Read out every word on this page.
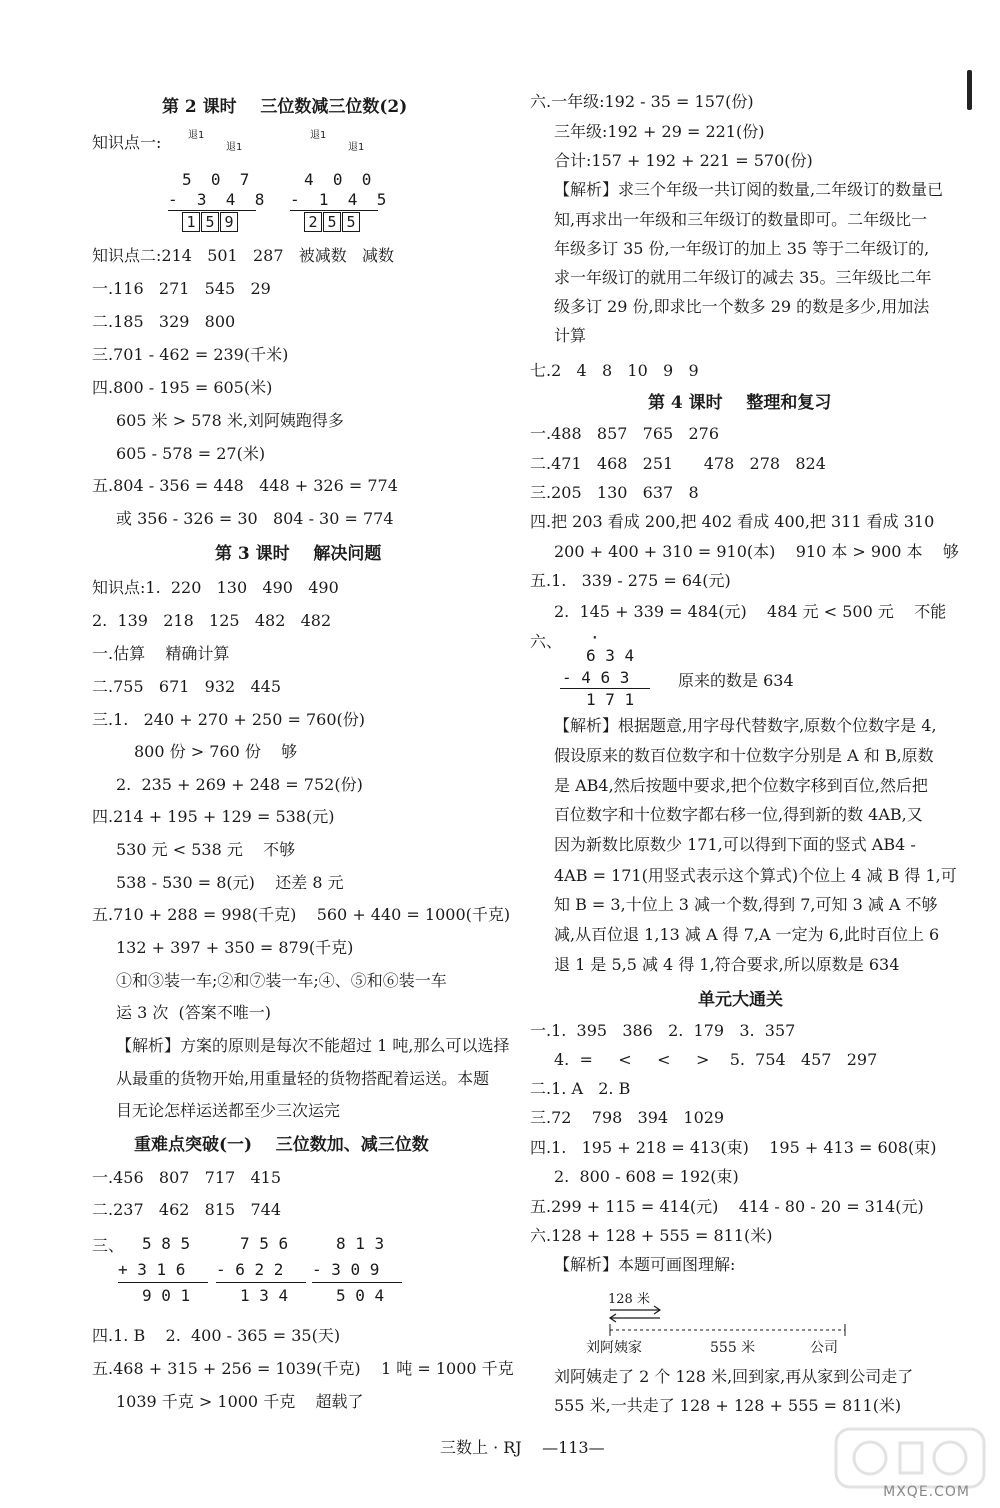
第 2 课时    三位数减三位数(2)
知识点一:	退1
退1
5  0  7
-  3  4  8
1 5 9
退1
退1
4  0  0
-  1  4  5
2 5 5
知识点二:214   501   287   被减数   减数
一.116   271   545   29
二.185   329   800
三.701 - 462 = 239(千米)
四.800 - 195 = 605(米)
605 米 > 578 米,刘阿姨跑得多
605 - 578 = 27(米)
五.804 - 356 = 448   448 + 326 = 774
或 356 - 326 = 30   804 - 30 = 774
第 3 课时    解决问题
知识点:1.  220   130   490   490
2.  139   218   125   482   482
一.估算    精确计算
二.755   671   932   445
三.1.   240 + 270 + 250 = 760(份)
800 份 > 760 份    够
2.  235 + 269 + 248 = 752(份)
四.214 + 195 + 129 = 538(元)
530 元 < 538 元    不够
538 - 530 = 8(元)    还差 8 元
五.710 + 288 = 998(千克)    560 + 440 = 1000(千克)
132 + 397 + 350 = 879(千克)
①和③装一车;②和⑦装一车;④、⑤和⑥装一车
运 3 次  (答案不唯一)
【解析】方案的原则是每次不能超过 1 吨,那么可以选择
从最重的货物开始,用重量轻的货物搭配着运送。本题
目无论怎样运送都至少三次运完
重难点突破(一)    三位数加、减三位数
一.456   807   717   415
二.237   462   815   744
三、 5 8 5
+ 3 1 6
9 0 1
7 5 6
- 6 2 2
1 3 4
8 1 3
- 3 0 9
5 0 4
四.1. B    2.  400 - 365 = 35(天)
五.468 + 315 + 256 = 1039(千克)    1 吨 = 1000 千克
1039 千克 > 1000 千克    超载了
六.一年级:192 - 35 = 157(份)
三年级:192 + 29 = 221(份)
合计:157 + 192 + 221 = 570(份)
【解析】求三个年级一共订阅的数量,二年级订的数量已
知,再求出一年级和三年级订的数量即可。二年级比一
年级多订 35 份,一年级订的加上 35 等于二年级订的,
求一年级订的就用二年级订的减去 35。三年级比二年
级多订 29 份,即求比一个数多 29 的数是多少,用加法
计算
七.2   4   8   10   9   9
第 4 课时    整理和复习
一.488   857   765   276
二.471   468   251      478   278   824
三.205   130   637   8
四.把 203 看成 200,把 402 看成 400,把 311 看成 310
200 + 400 + 310 = 910(本)    910 本 > 900 本    够
五.1.   339 - 275 = 64(元)
2.  145 + 339 = 484(元)    484 元 < 500 元    不能
六、 ·
6 3 4
- 4 6 3
1 7 1
原来的数是 634
【解析】根据题意,用字母代替数字,原数个位数字是 4,
假设原来的数百位数字和十位数字分别是 A 和 B,原数
是 AB4,然后按题中要求,把个位数字移到百位,然后把
百位数字和十位数字都右移一位,得到新的数 4AB,又
因为新数比原数少 171,可以得到下面的竖式 AB4 -
4AB = 171(用竖式表示这个算式)个位上 4 减 B 得 1,可
知 B = 3,十位上 3 减一个数,得到 7,可知 3 减 A 不够
减,从百位退 1,13 减 A 得 7,A 一定为 6,此时百位上 6
退 1 是 5,5 减 4 得 1,符合要求,所以原数是 634
单元大通关
一.1.  395   386   2.  179   3.  357
4.  =     <     <     >    5.  754   457   297
二.1. A   2. B
三.72    798   394   1029
四.1.   195 + 218 = 413(束)    195 + 413 = 608(束)
2.  800 - 608 = 192(束)
五.299 + 115 = 414(元)    414 - 80 - 20 = 314(元)
六.128 + 128 + 555 = 811(米)
【解析】本题可画图理解:
128 米
刘阿姨家	555 米	公司
刘阿姨走了 2 个 128 米,回到家,再从家到公司走了
555 米,一共走了 128 + 128 + 555 = 811(米)
三数上 · RJ    —113—
MXQE.COM
